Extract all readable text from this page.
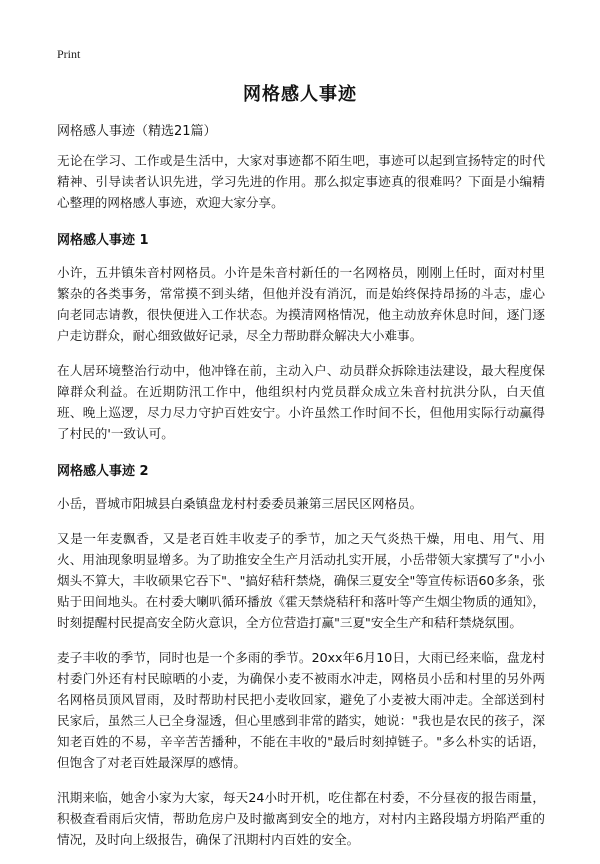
Print
网格感人事迹
网格感人事迹（精选21篇）

无论在学习、工作或是生活中，大家对事迹都不陌生吧，事迹可以起到宣扬特定的时代精神、引导读者认识先进，学习先进的作用。那么拟定事迹真的很难吗？下面是小编精心整理的网格感人事迹，欢迎大家分享。

网格感人事迹 1

小许，五井镇朱音村网格员。小许是朱音村新任的一名网格员，刚刚上任时，面对村里繁杂的各类事务，常常摸不到头绪，但他并没有消沉，而是始终保持昂扬的斗志，虚心向老同志请教，很快便进入工作状态。为摸清网格情况，他主动放弃休息时间，逐门逐户走访群众，耐心细致做好记录，尽全力帮助群众解决大小难事。

在人居环境整治行动中，他冲锋在前，主动入户、动员群众拆除违法建设，最大程度保障群众利益。在近期防汛工作中，他组织村内党员群众成立朱音村抗洪分队，白天值班、晚上巡逻，尽力尽力守护百姓安宁。小许虽然工作时间不长，但他用实际行动赢得了村民的'一致认可。

网格感人事迹 2

小岳，晋城市阳城县白桑镇盘龙村村委委员兼第三居民区网格员。

又是一年麦飘香，又是老百姓丰收麦子的季节，加之天气炎热干燥，用电、用气、用火、用油现象明显增多。为了助推安全生产月活动扎实开展，小岳带领大家撰写了"小小烟头不算大，丰收硕果它吞下"、"搞好秸秆禁烧，确保三夏安全"等宣传标语60多条，张贴于田间地头。在村委大喇叭循环播放《霍天禁烧秸秆和落叶等产生烟尘物质的通知》，时刻提醒村民提高安全防火意识，全方位营造打赢"三夏"安全生产和秸秆禁烧氛围。

麦子丰收的季节，同时也是一个多雨的季节。20xx年6月10日，大雨已经来临，盘龙村村委门外还有村民晾晒的小麦，为确保小麦不被雨水冲走，网格员小岳和村里的另外两名网格员顶风冒雨，及时帮助村民把小麦收回家，避免了小麦被大雨冲走。全部送到村民家后，虽然三人已全身湿透，但心里感到非常的踏实，她说："我也是农民的孩子，深知老百姓的不易，辛辛苦苦播种，不能在丰收的"最后时刻掉链子。"多么朴实的话语，但饱含了对老百姓最深厚的感情。

汛期来临，她舍小家为大家，每天24小时开机，吃住都在村委，不分昼夜的报告雨量，积极查看雨后灾情，帮助危房户及时撤离到安全的地方，对村内主路段塌方坍陷严重的情况，及时向上级报告，确保了汛期村内百姓的安全。
